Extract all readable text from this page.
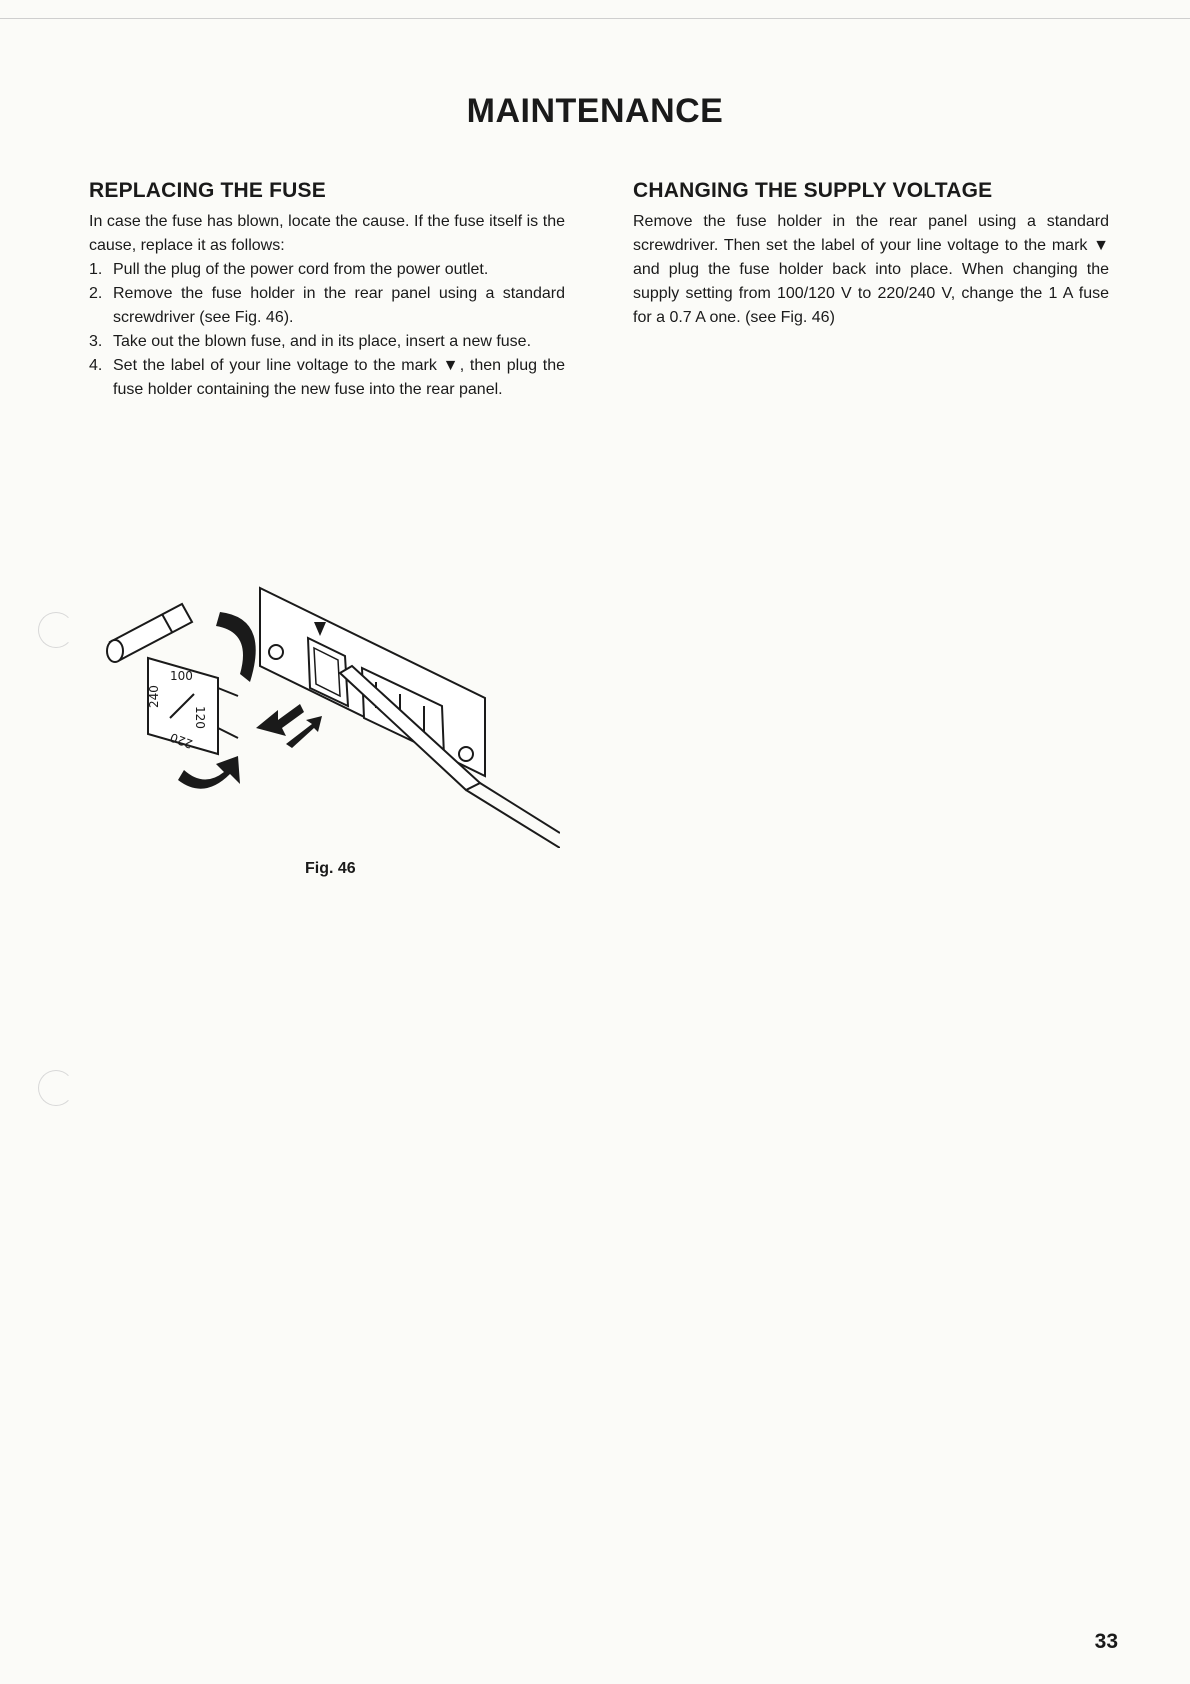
MAINTENANCE
REPLACING THE FUSE

In case the fuse has blown, locate the cause. If the fuse itself is the cause, replace it as follows:

1. Pull the plug of the power cord from the power outlet.
2. Remove the fuse holder in the rear panel using a standard screwdriver (see Fig. 46).
3. Take out the blown fuse, and in its place, insert a new fuse.
4. Set the label of your line voltage to the mark ▼, then plug the fuse holder containing the new fuse into the rear panel.
CHANGING THE SUPPLY VOLTAGE

Remove the fuse holder in the rear panel using a standard screwdriver. Then set the label of your line voltage to the mark ▼ and plug the fuse holder back into place. When changing the supply setting from 100/120 V to 220/240 V, change the 1 A fuse for a 0.7 A one. (see Fig. 46)

100
120
220
240
Fig. 46
33
